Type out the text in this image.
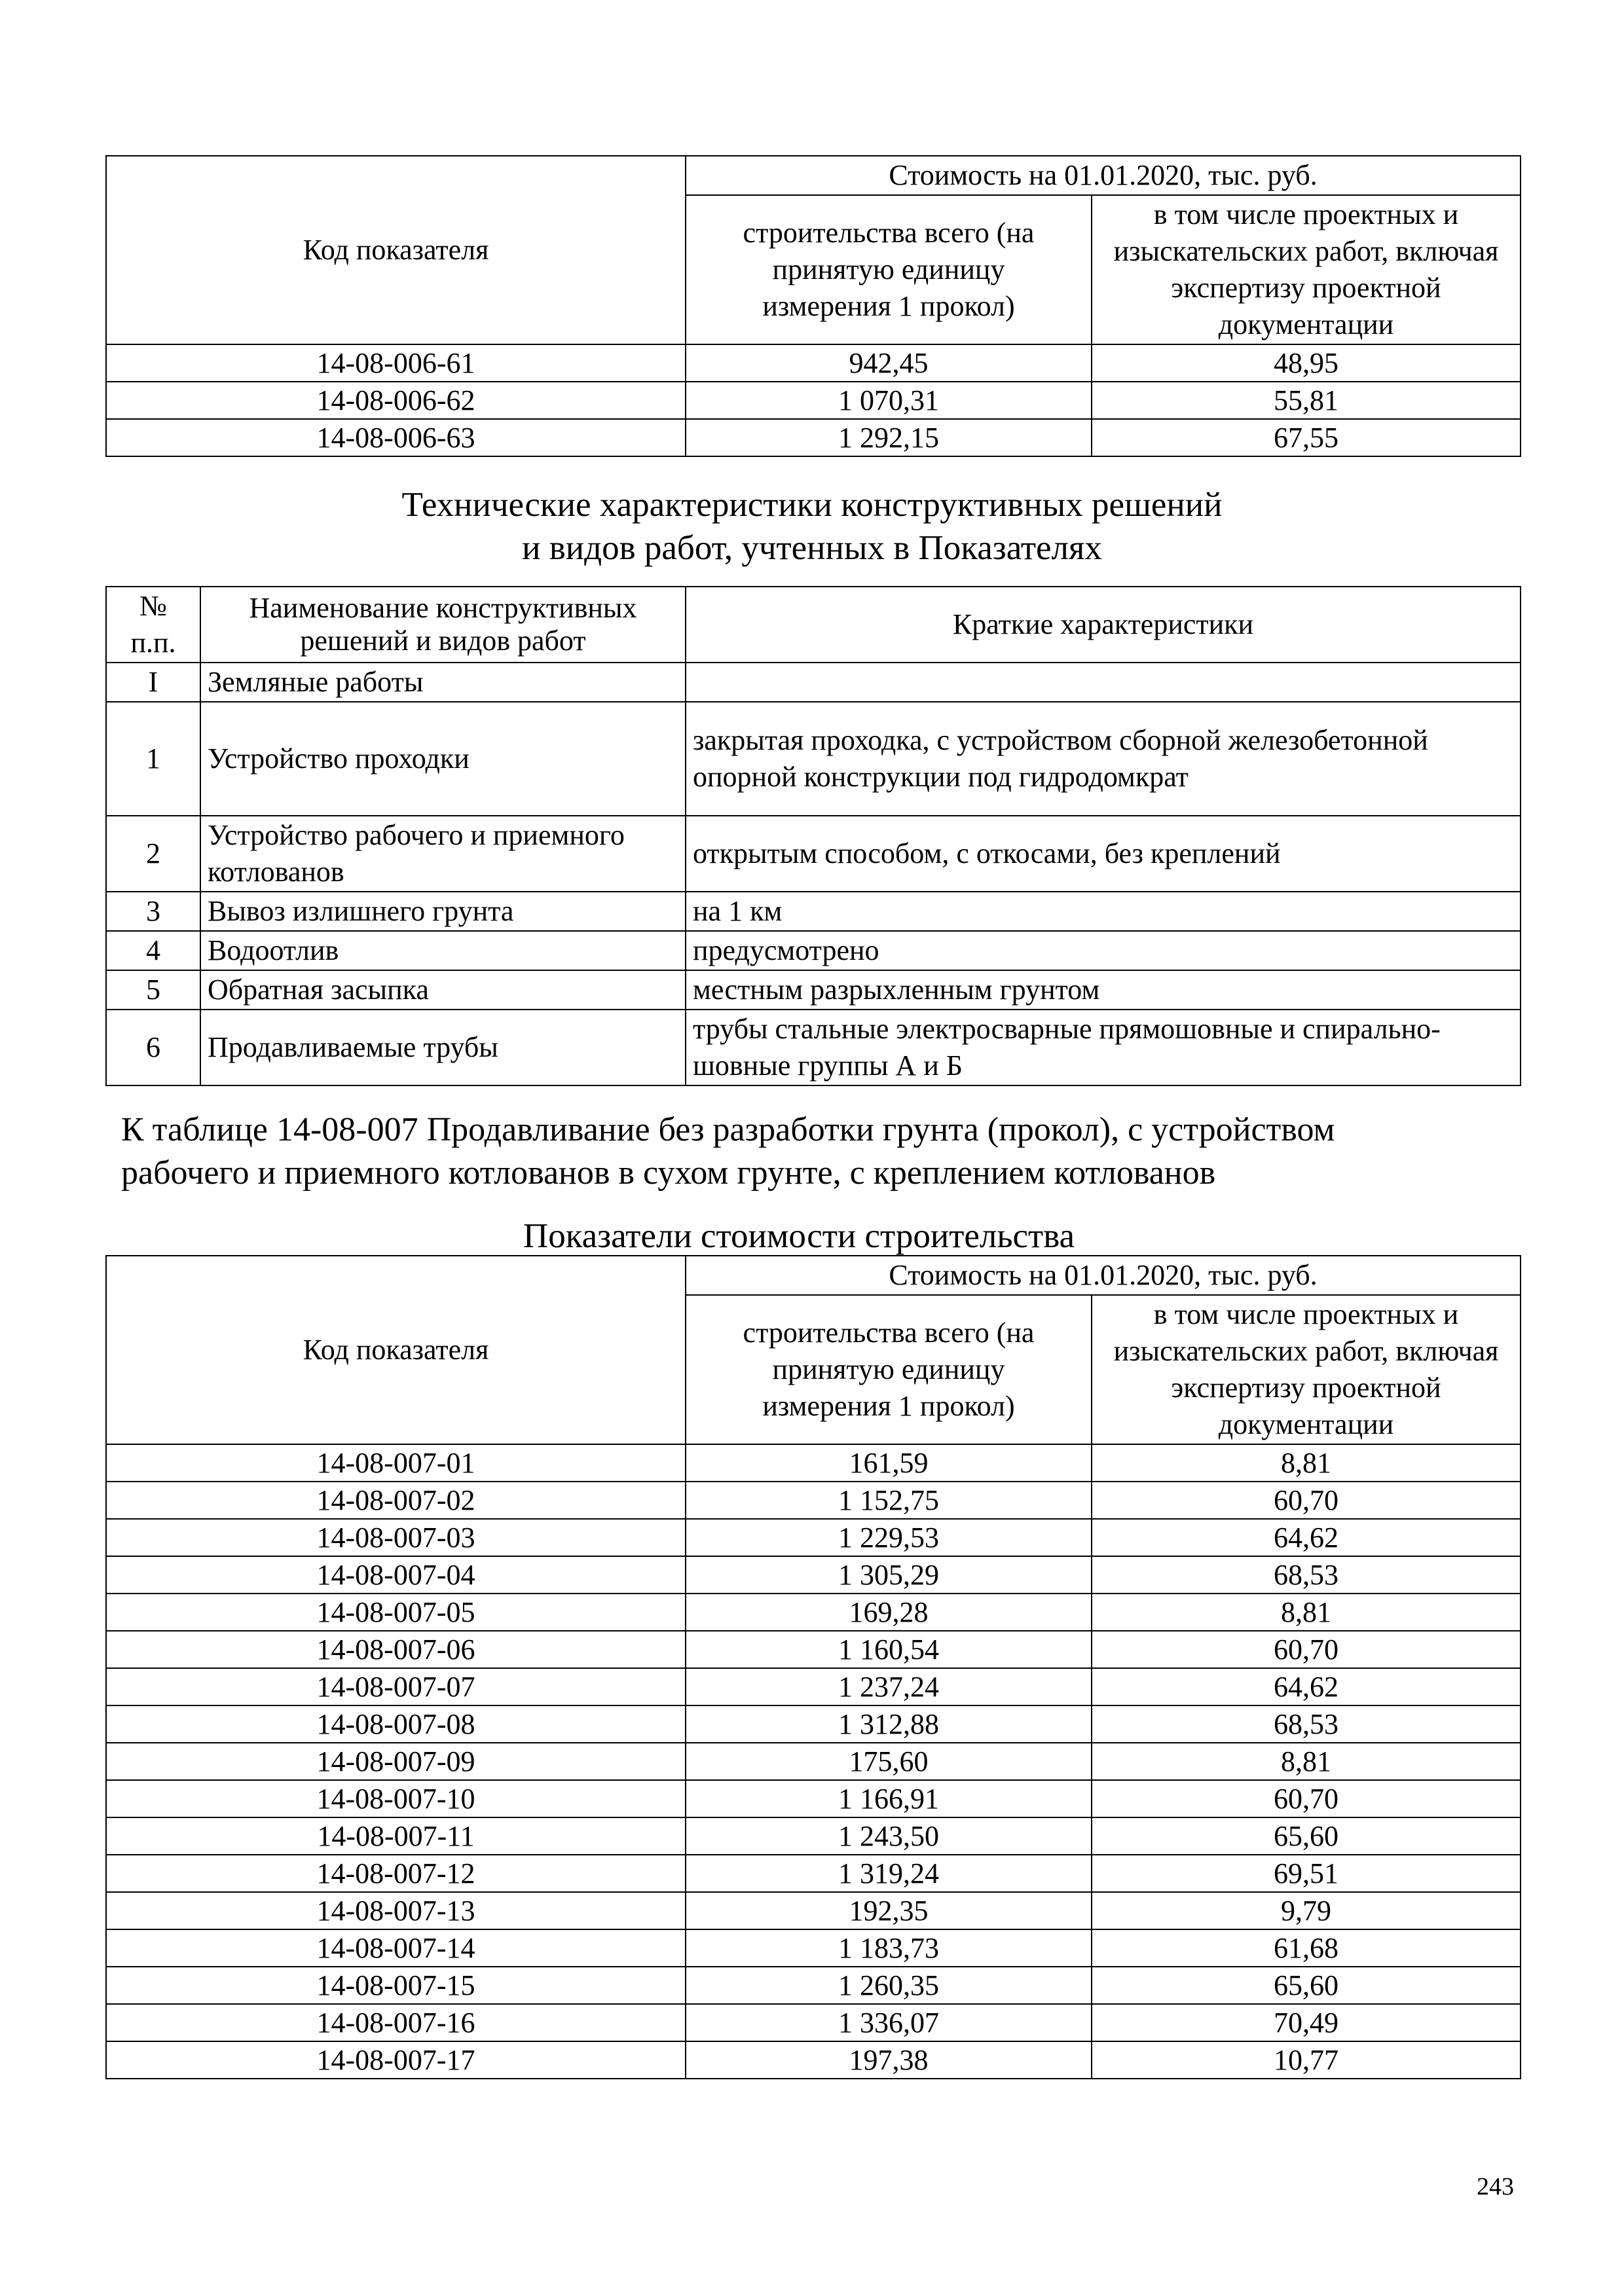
Код показателя	Стоимость на 01.01.2020, тыс. руб.	
	строительства всего (на принятую единицу измерения 1 прокол)	в том числе проектных и изыскательских работ, включая экспертизу проектной документации
14-08-006-61	942,45	48,95
14-08-006-62	1 070,31	55,81
14-08-006-63	1 292,15	67,55
Технические характеристики конструктивных решений
и видов работ, учтенных в Показателях
№ п.п.	Наименование конструктивных решений и видов работ	Краткие характеристики
I	Земляные работы	
1	Устройство проходки	закрытая проходка, с устройством сборной железобетонной опорной конструкции под гидродомкрат
2	Устройство рабочего и приемного котлованов	открытым способом, с откосами, без креплений
3	Вывоз излишнего грунта	на 1 км
4	Водоотлив	предусмотрено
5	Обратная засыпка	местным разрыхленным грунтом
6	Продавливаемые трубы	трубы стальные электросварные прямошовные и спирально-шовные группы А и Б
К таблице 14-08-007 Продавливание без разработки грунта (прокол), с устройством
рабочего и приемного котлованов в сухом грунте, с креплением котлованов
Показатели стоимости строительства
Код показателя	Стоимость на 01.01.2020, тыс. руб.	
	строительства всего (на принятую единицу измерения 1 прокол)	в том числе проектных и изыскательских работ, включая экспертизу проектной документации
14-08-007-01	161,59	8,81
14-08-007-02	1 152,75	60,70
14-08-007-03	1 229,53	64,62
14-08-007-04	1 305,29	68,53
14-08-007-05	169,28	8,81
14-08-007-06	1 160,54	60,70
14-08-007-07	1 237,24	64,62
14-08-007-08	1 312,88	68,53
14-08-007-09	175,60	8,81
14-08-007-10	1 166,91	60,70
14-08-007-11	1 243,50	65,60
14-08-007-12	1 319,24	69,51
14-08-007-13	192,35	9,79
14-08-007-14	1 183,73	61,68
14-08-007-15	1 260,35	65,60
14-08-007-16	1 336,07	70,49
14-08-007-17	197,38	10,77
243
